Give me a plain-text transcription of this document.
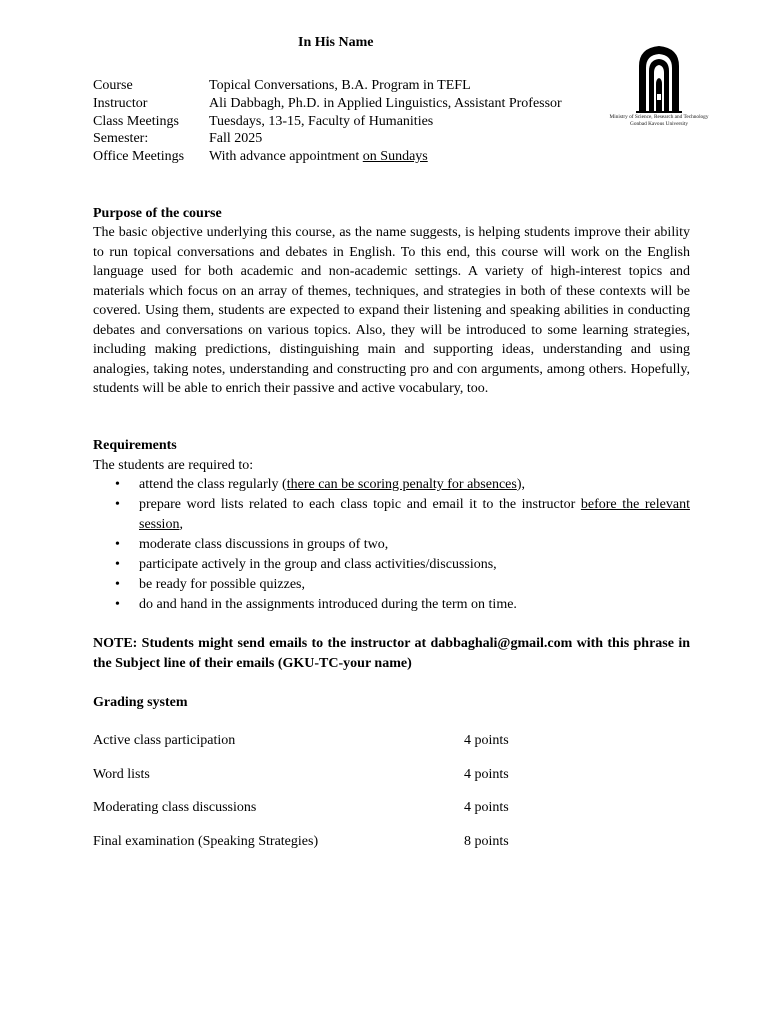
In His Name
Course	Topical Conversations, B.A. Program in TEFL
Instructor	Ali Dabbagh, Ph.D. in Applied Linguistics, Assistant Professor
Class Meetings	Tuesdays, 13-15, Faculty of Humanities
Semester:	Fall 2025
Office Meetings	With advance appointment on Sundays
Ministry of Science, Research and Technology
Gonbad Kavous University
Purpose of the course
The basic objective underlying this course, as the name suggests, is helping students improve their ability to run topical conversations and debates in English. To this end, this course will work on the English language used for both academic and non-academic settings. A variety of high-interest topics and materials which focus on an array of themes, techniques, and strategies in both of these contexts will be covered. Using them, students are expected to expand their listening and speaking abilities in conducting debates and conversations on various topics. Also, they will be introduced to some learning strategies, including making predictions, distinguishing main and supporting ideas, understanding and using analogies, taking notes, understanding and constructing pro and con arguments, among others. Hopefully, students will be able to enrich their passive and active vocabulary, too.
Requirements
The students are required to:
• attend the class regularly (there can be scoring penalty for absences),
• prepare word lists related to each class topic and email it to the instructor before the relevant session,
• moderate class discussions in groups of two,
• participate actively in the group and class activities/discussions,
• be ready for possible quizzes,
• do and hand in the assignments introduced during the term on time.
NOTE: Students might send emails to the instructor at dabbaghali@gmail.com with this phrase in the Subject line of their emails (GKU-TC-your name)
Grading system
Active class participation	4 points
Word lists	4 points
Moderating class discussions	4 points
Final examination (Speaking Strategies)	8 points
